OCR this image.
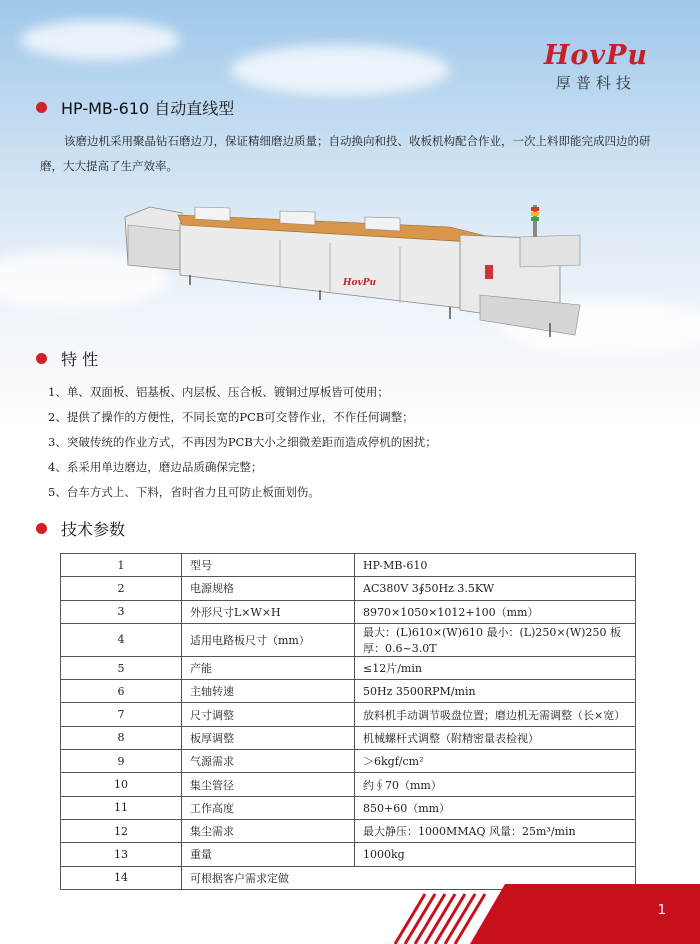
HovPu
厚普科技
HP-MB-610 自动直线型
该磨边机采用聚晶钻石磨边刀，保证精细磨边质量；自动换向和投、收板机构配合作业，一次上料即能完成四边的研磨，大大提高了生产效率。
HovPu
特 性
1、单、双面板、铝基板、内层板、压合板、镀铜过厚板皆可使用；
2、提供了操作的方便性，不同长宽的PCB可交替作业，不作任何调整；
3、突破传统的作业方式，不再因为PCB大小之细微差距而造成停机的困扰；
4、系采用单边磨边，磨边品质确保完整；
5、台车方式上、下料，省时省力且可防止板面划伤。
技术参数
1	型号	HP-MB-610
2	电源规格	AC380V 3∮50Hz 3.5KW
3	外形尺寸L×W×H	8970×1050×1012+100（mm）
4	适用电路板尺寸（mm）	最大：(L)610×(W)610 最小：(L)250×(W)250 板厚：0.6~3.0T
5	产能	≤12片/min
6	主轴转速	50Hz 3500RPM/min
7	尺寸调整	放料机手动调节吸盘位置；磨边机无需调整（长×宽）
8	板厚调整	机械螺杆式调整（附精密量表检视）
9	气源需求	＞6kgf/cm²
10	集尘管径	约∮70（mm）
11	工作高度	850+60（mm）
12	集尘需求	最大静压：1000MMAQ 风量：25m³/min
13	重量	1000kg
14	可根据客户需求定做	
1
